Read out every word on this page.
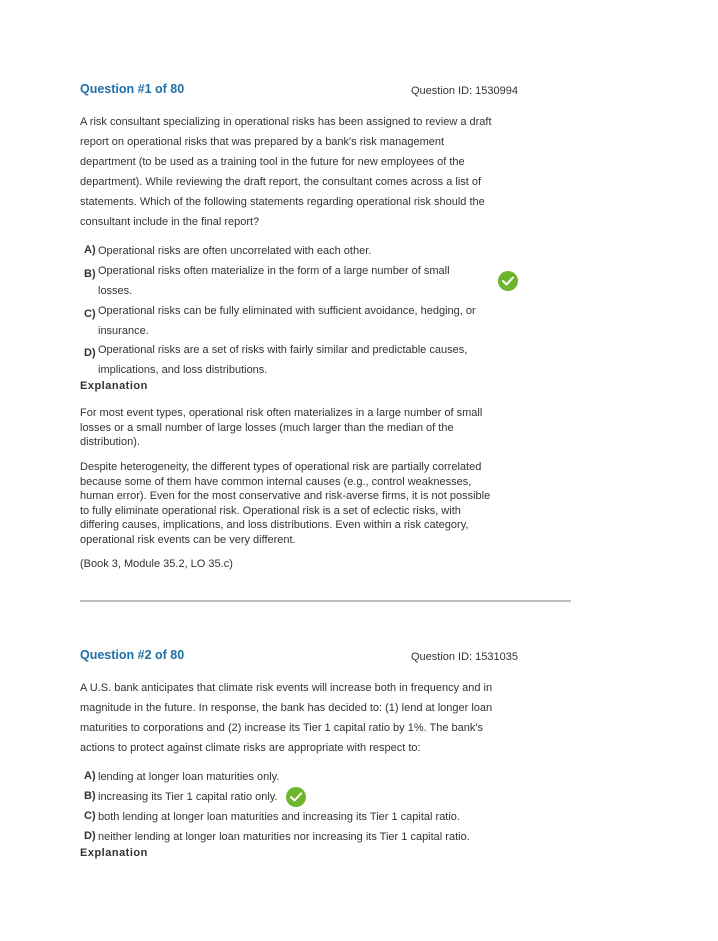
Question #1 of 80	Question ID: 1530994
A risk consultant specializing in operational risks has been assigned to review a draft
report on operational risks that was prepared by a bank's risk management
department (to be used as a training tool in the future for new employees of the
department). While reviewing the draft report, the consultant comes across a list of
statements. Which of the following statements regarding operational risk should the
consultant include in the final report?
A) Operational risks are often uncorrelated with each other.
B) Operational risks often materialize in the form of a large number of small
losses.
C) Operational risks can be fully eliminated with sufficient avoidance, hedging, or
insurance.
D) Operational risks are a set of risks with fairly similar and predictable causes,
implications, and loss distributions.
Explanation
For most event types, operational risk often materializes in a large number of small
losses or a small number of large losses (much larger than the median of the
distribution).
Despite heterogeneity, the different types of operational risk are partially correlated
because some of them have common internal causes (e.g., control weaknesses,
human error). Even for the most conservative and risk-averse firms, it is not possible
to fully eliminate operational risk. Operational risk is a set of eclectic risks, with
differing causes, implications, and loss distributions. Even within a risk category,
operational risk events can be very different.
(Book 3, Module 35.2, LO 35.c)
Question #2 of 80	Question ID: 1531035
A U.S. bank anticipates that climate risk events will increase both in frequency and in
magnitude in the future. In response, the bank has decided to: (1) lend at longer loan
maturities to corporations and (2) increase its Tier 1 capital ratio by 1%. The bank's
actions to protect against climate risks are appropriate with respect to:
A) lending at longer loan maturities only.
B) increasing its Tier 1 capital ratio only.
C) both lending at longer loan maturities and increasing its Tier 1 capital ratio.
D) neither lending at longer loan maturities nor increasing its Tier 1 capital ratio.
Explanation
